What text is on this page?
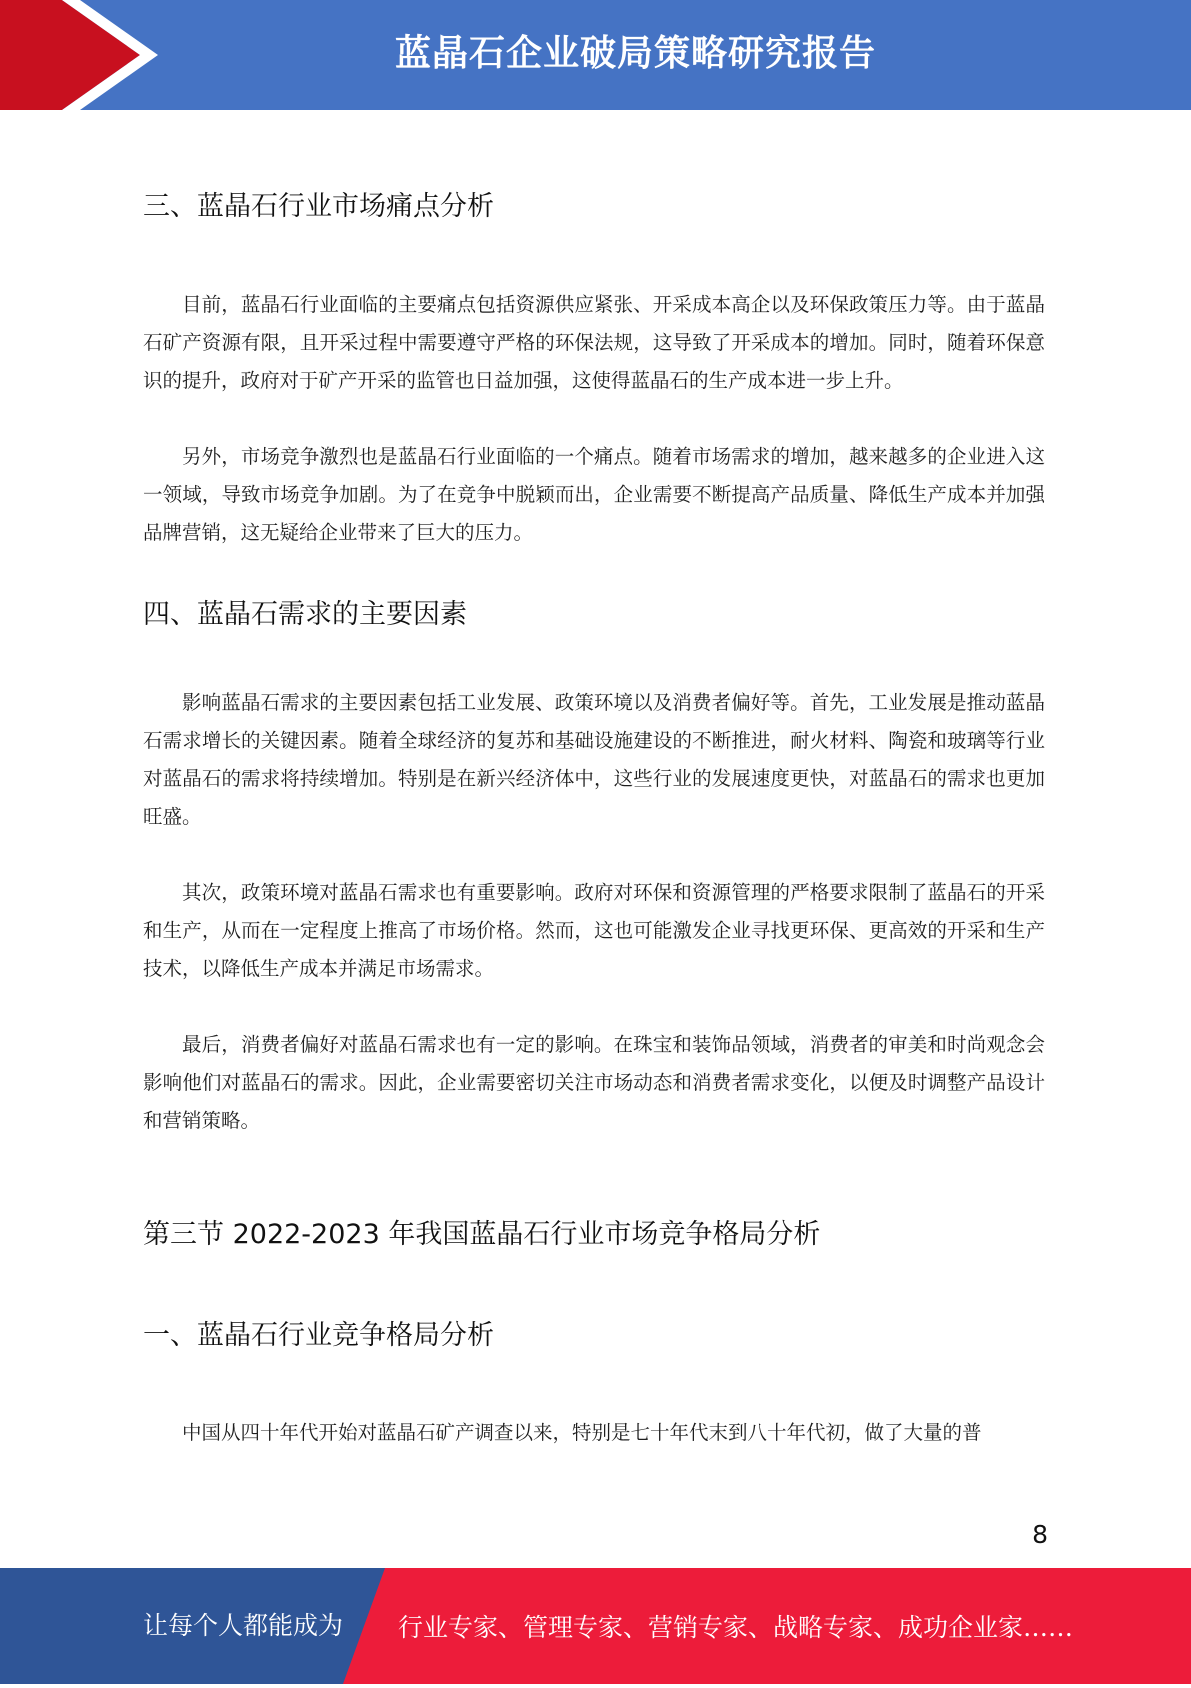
蓝晶石企业破局策略研究报告
三、蓝晶石行业市场痛点分析

目前，蓝晶石行业面临的主要痛点包括资源供应紧张、开采成本高企以及环保政策压力等。由于蓝晶石矿产资源有限，且开采过程中需要遵守严格的环保法规，这导致了开采成本的增加。同时，随着环保意识的提升，政府对于矿产开采的监管也日益加强，这使得蓝晶石的生产成本进一步上升。

另外，市场竞争激烈也是蓝晶石行业面临的一个痛点。随着市场需求的增加，越来越多的企业进入这一领域，导致市场竞争加剧。为了在竞争中脱颖而出，企业需要不断提高产品质量、降低生产成本并加强品牌营销，这无疑给企业带来了巨大的压力。

四、蓝晶石需求的主要因素

影响蓝晶石需求的主要因素包括工业发展、政策环境以及消费者偏好等。首先，工业发展是推动蓝晶石需求增长的关键因素。随着全球经济的复苏和基础设施建设的不断推进，耐火材料、陶瓷和玻璃等行业对蓝晶石的需求将持续增加。特别是在新兴经济体中，这些行业的发展速度更快，对蓝晶石的需求也更加旺盛。

其次，政策环境对蓝晶石需求也有重要影响。政府对环保和资源管理的严格要求限制了蓝晶石的开采和生产，从而在一定程度上推高了市场价格。然而，这也可能激发企业寻找更环保、更高效的开采和生产技术，以降低生产成本并满足市场需求。

最后，消费者偏好对蓝晶石需求也有一定的影响。在珠宝和装饰品领域，消费者的审美和时尚观念会影响他们对蓝晶石的需求。因此，企业需要密切关注市场动态和消费者需求变化，以便及时调整产品设计和营销策略。

第三节 2022-2023 年我国蓝晶石行业市场竞争格局分析
一、蓝晶石行业竞争格局分析

中国从四十年代开始对蓝晶石矿产调查以来，特别是七十年代末到八十年代初，做了大量的普

8
让每个人都能成为 行业专家、管理专家、营销专家、战略专家、成功企业家……
